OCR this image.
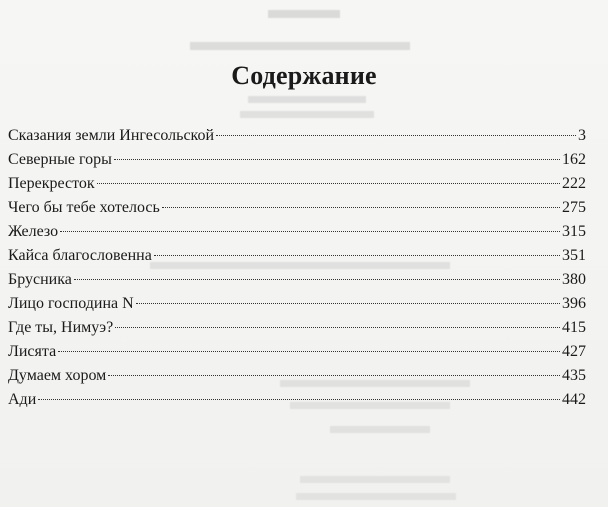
Содержание
Сказания земли Ингесольской	3
Северные горы	162
Перекресток	222
Чего бы тебе хотелось	275
Железо	315
Кайса благословенна	351
Брусника	380
Лицо господина N	396
Где ты, Нимуэ?	415
Лисята	427
Думаем хором	435
Ади	442
